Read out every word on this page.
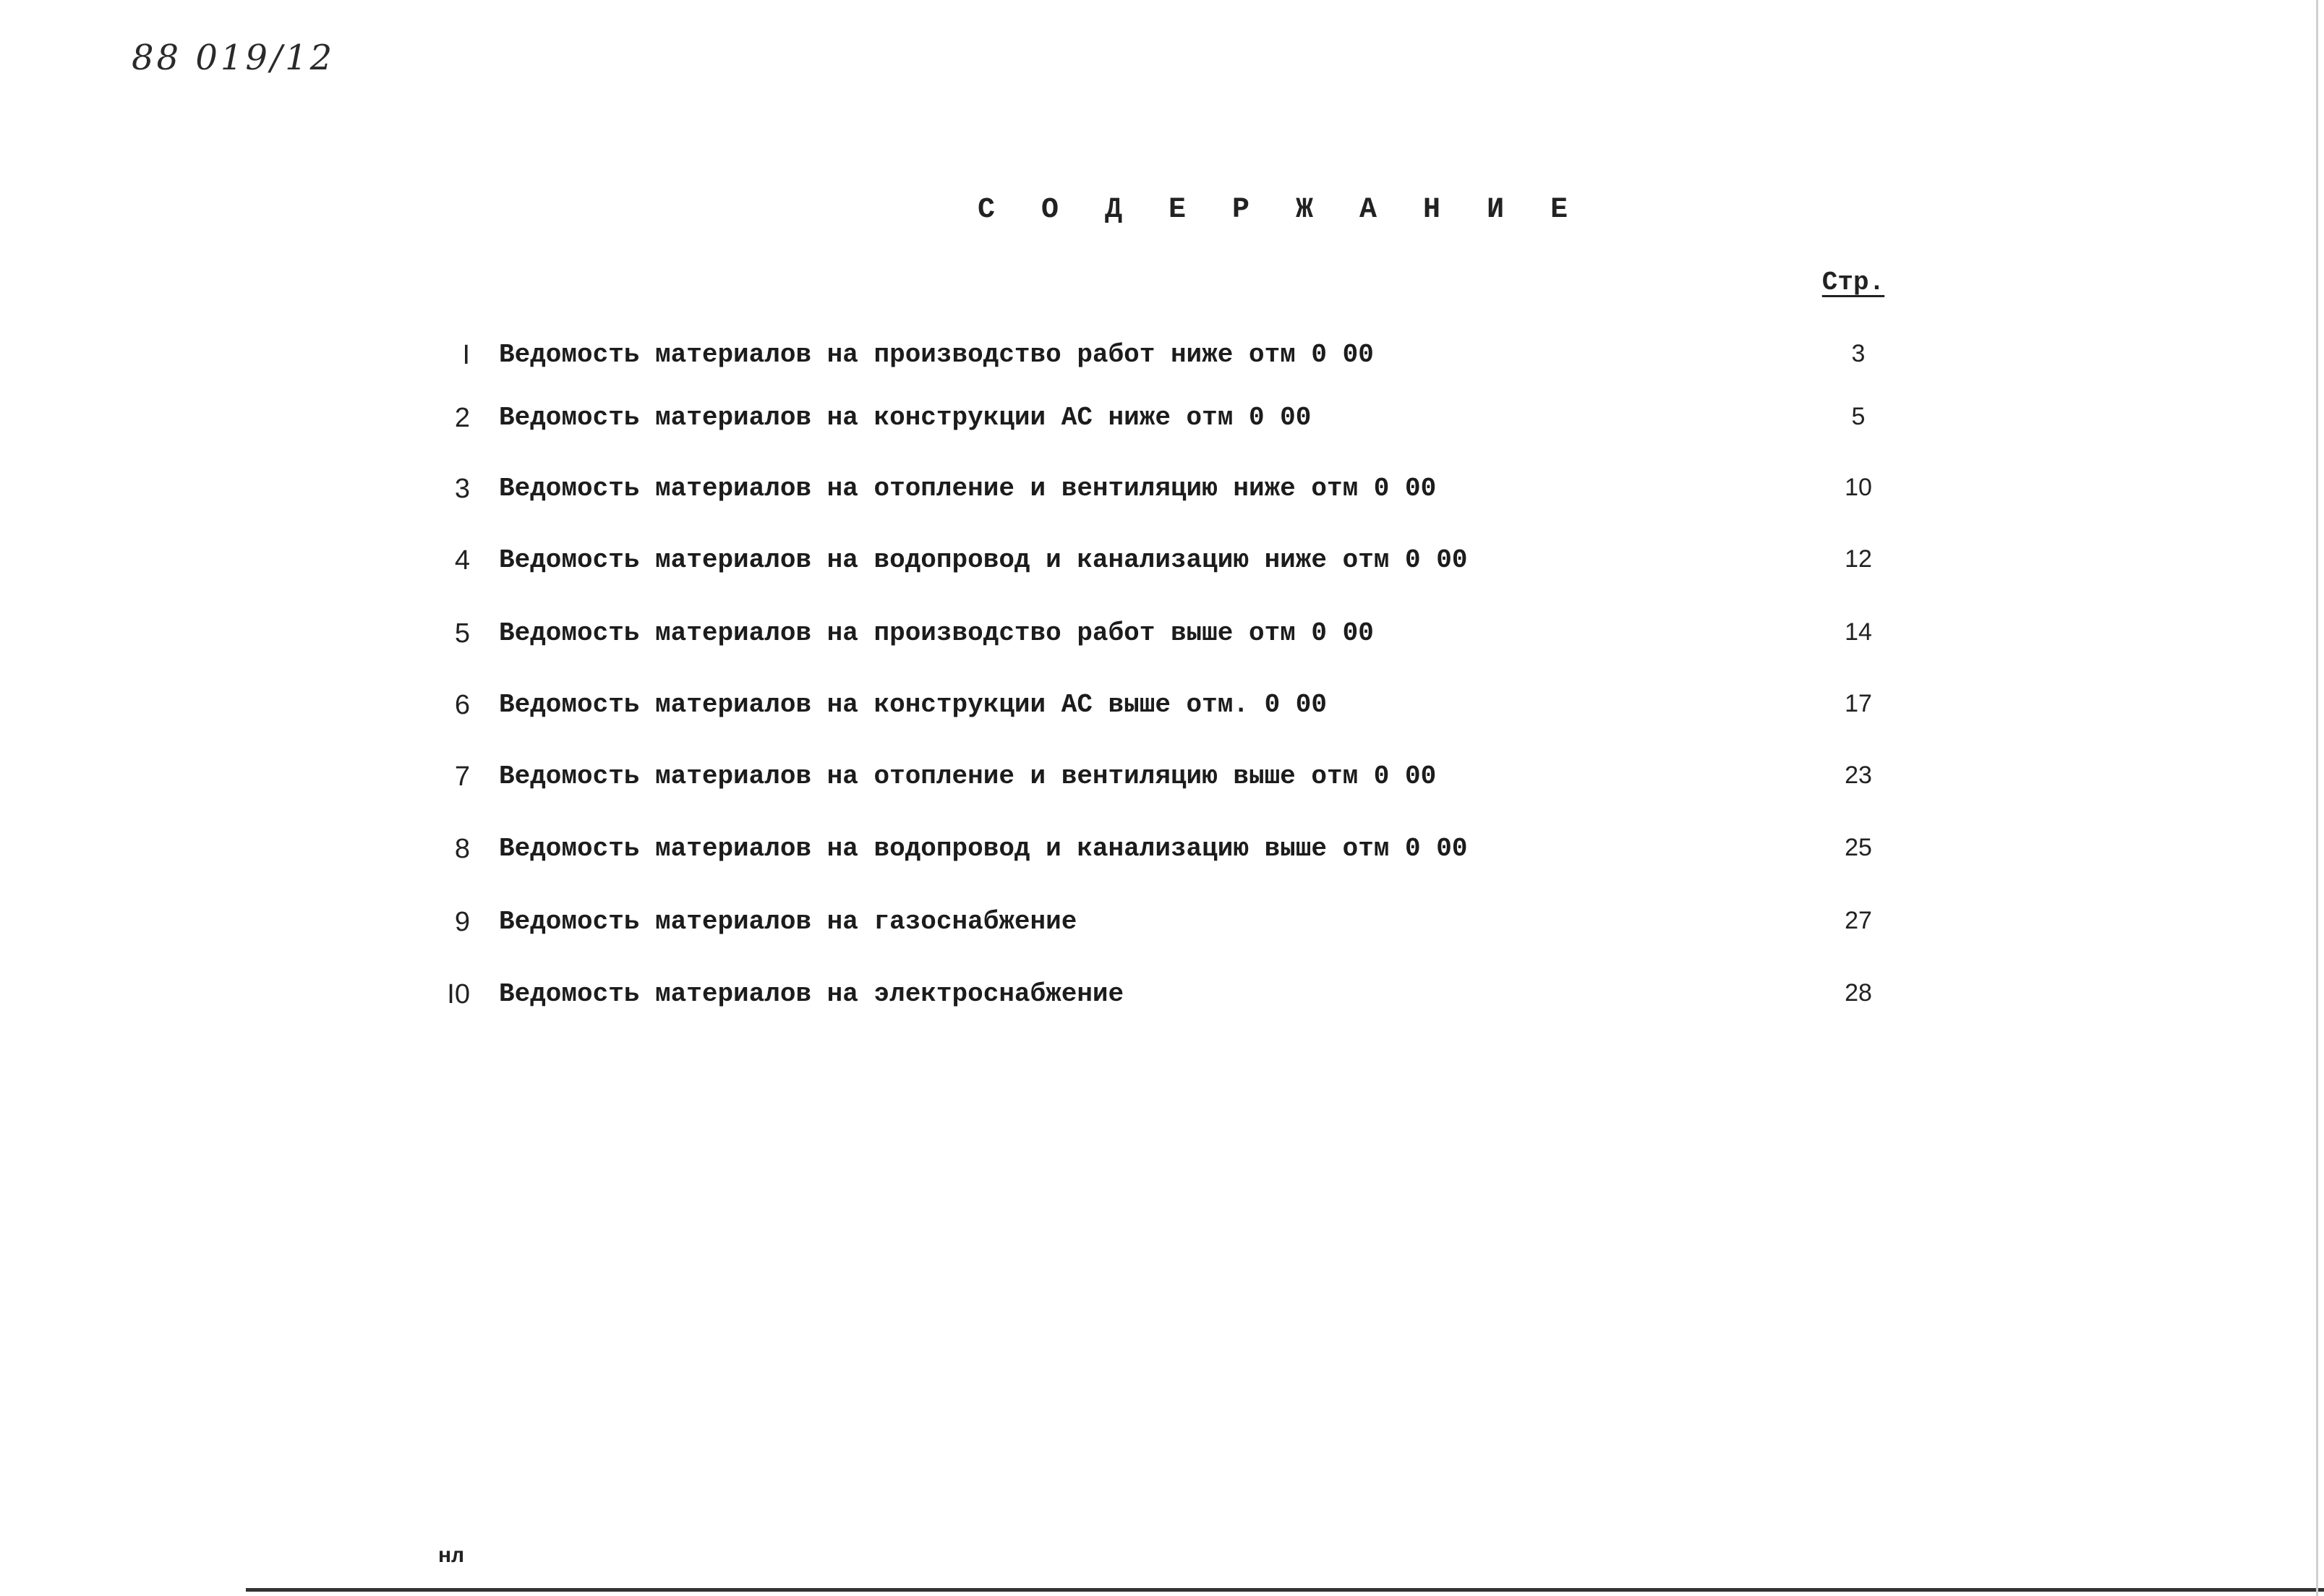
88 019/12
С О Д Е Р Ж А Н И Е
Стр.
I Ведомость материалов на производство работ ниже отм 0 00	3
2 Ведомость материалов на конструкции АС ниже отм 0 00	5
3 Ведомость материалов на отопление и вентиляцию ниже отм 0 00	10
4 Ведомость материалов на водопровод и канализацию ниже отм 0 00	12
5 Ведомость материалов на производство работ выше отм 0 00	14
6 Ведомость материалов на конструкции АС выше отм. 0 00	17
7 Ведомость материалов на отопление и вентиляцию выше отм 0 00	23
8 Ведомость материалов на водопровод и канализацию выше отм 0 00	25
9 Ведомость материалов на газоснабжение	27
I0 Ведомость материалов на электроснабжение	28
нл
